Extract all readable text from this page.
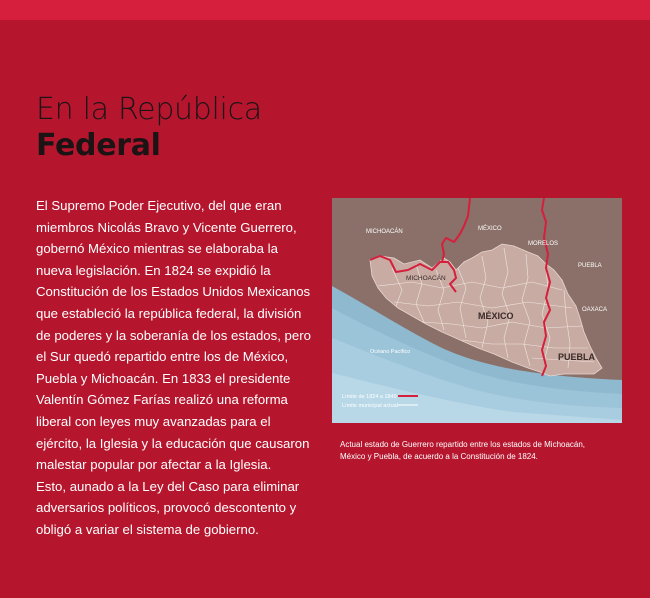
En la República
Federal
El Supremo Poder Ejecutivo, del que eran
miembros Nicolás Bravo y Vicente Guerrero,
gobernó México mientras se elaboraba la
nueva legislación. En 1824 se expidió la
Constitución de los Estados Unidos Mexicanos
que estableció la república federal, la división
de poderes y la soberanía de los estados, pero
el Sur quedó repartido entre los de México,
Puebla y Michoacán. En 1833 el presidente
Valentín Gómez Farías realizó una reforma
liberal con leyes muy avanzadas para el
ejército, la Iglesia y la educación que causaron
malestar popular por afectar a la Iglesia.
Esto, aunado a la Ley del Caso para eliminar
adversarios políticos, provocó descontento y
obligó a variar el sistema de gobierno.
MICHOACÁN	MÉXICO
MORELOS
PUEBLA
OAXACA
MICHOACÁN
MÉXICO
PUEBLA
Océano Pacífico
Límite de 1824 a 1849
Límite municipal actual
Actual estado de Guerrero repartido entre los estados de Michoacán,
México y Puebla, de acuerdo a la Constitución de 1824.
